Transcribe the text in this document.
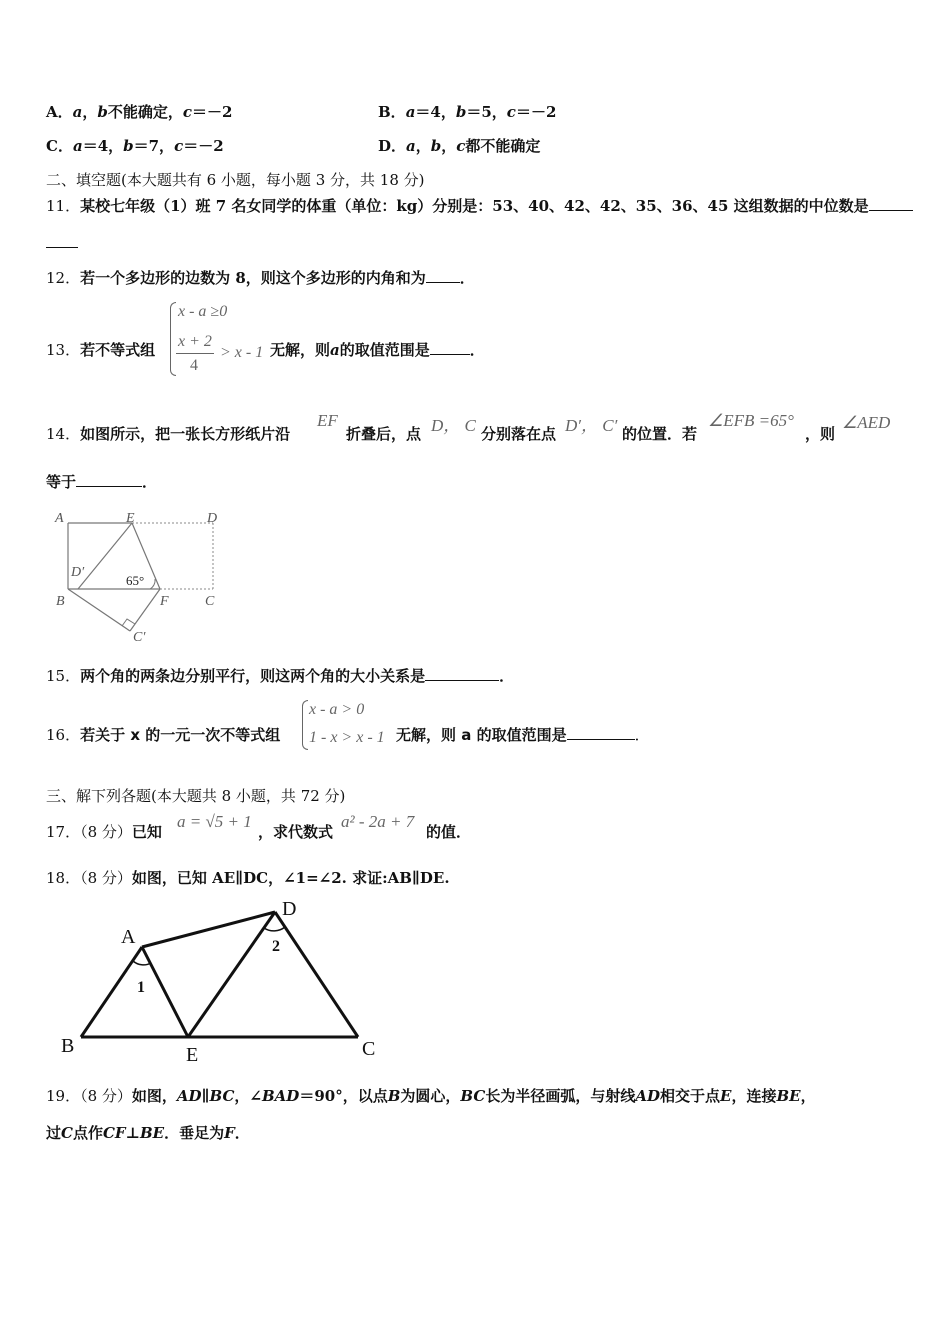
A．a，b不能确定，c＝－2	B．a＝4，b＝5，c＝－2
C．a＝4，b＝7，c＝－2	D．a，b，c都不能确定
二、填空题(本大题共有 6 小题，每小题 3 分，共 18 分)
11．某校七年级（1）班 7 名女同学的体重（单位：kg）分别是：53、40、42、42、35、36、45 这组数据的中位数是
12．若一个多边形的边数为 8，则这个多边形的内角和为 ．
13．若不等式组
x - a ≥0
x + 2
4
> x - 1 无解，则a的取值范围是	．
14．如图所示，把一张长方形纸片沿
EF
折叠后，点 D， C 分别落在点 D′， C′ 的位置．若
∠EFB =65°
，则
∠AED
等于	．
A	E	D
D′
65°
B	F	C
C′
15．两个角的两条边分别平行，则这两个角的大小关系是	．
16．若关于 x 的一元一次不等式组
x - a > 0
1 - x > x - 1 无解，则 a 的取值范围是	．
三、解下列各题(本大题共 8 小题，共 72 分)
17．（8 分）已知
a = √5 + 1
，求代数式
a² - 2a + 7
的值．
18．（8 分）如图，已知 AE∥DC，∠1=∠2. 求证:AB∥DE.
A
D
B	E	C
1
2
19．（8 分）如图，AD∥BC，∠BAD＝90°，以点B为圆心，BC长为半径画弧，与射线AD相交于点E，连接BE，
过C点作CF⊥BE．垂足为F．
